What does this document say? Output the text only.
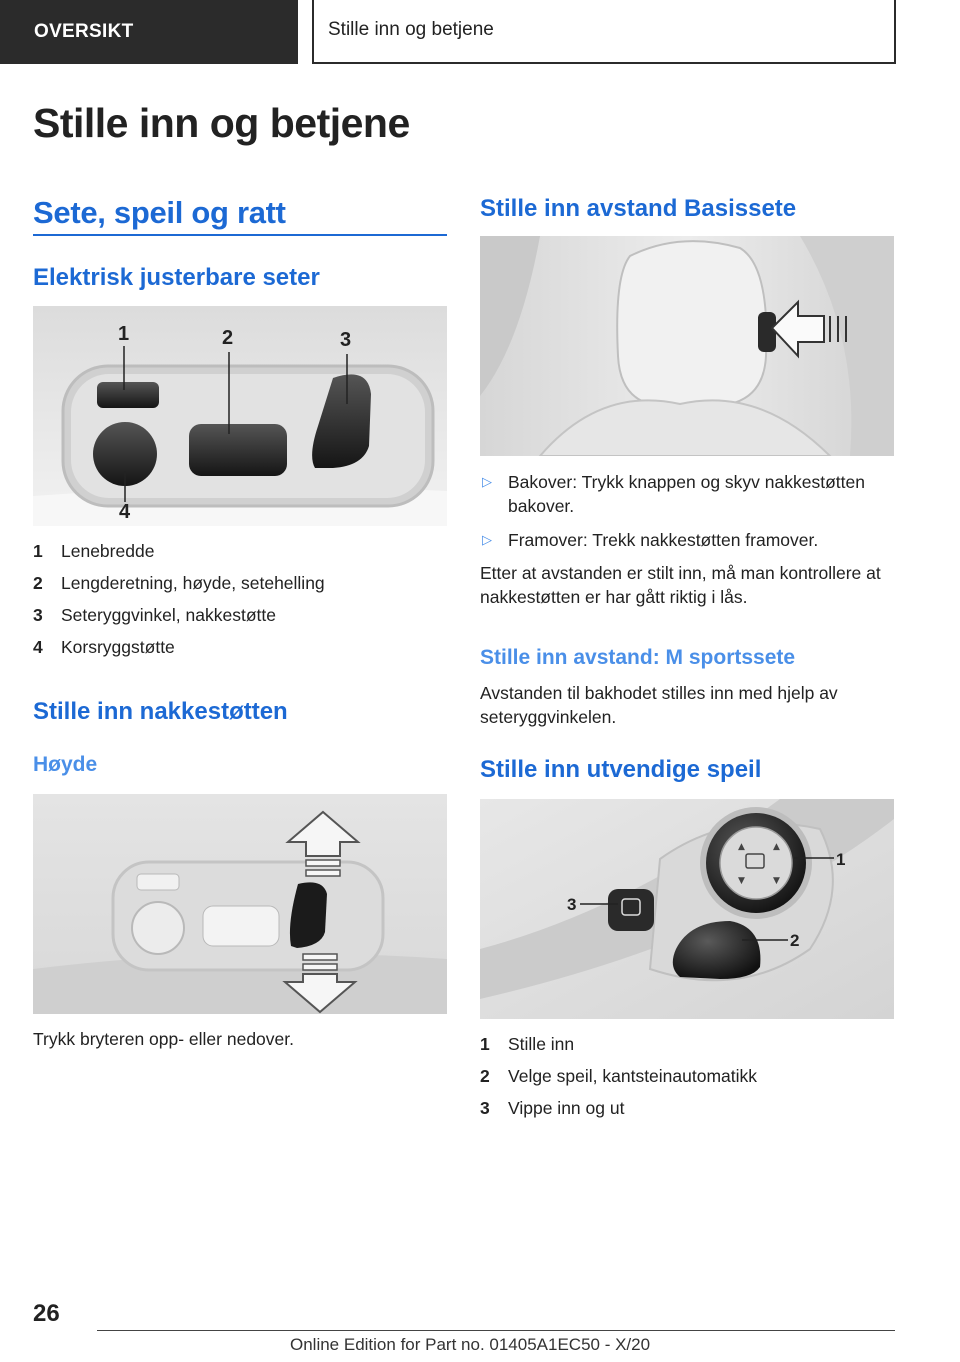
OVERSIKT	Stille inn og betjene
Stille inn og betjene
Sete, speil og ratt
Elektrisk justerbare seter
1	2	3
4
1 Lenebredde
2 Lengderetning, høyde, setehelling
3 Seteryggvinkel, nakkestøtte
4 Korsryggstøtte
Stille inn nakkestøtten
Høyde
Trykk bryteren opp- eller nedover.
Stille inn avstand Basissete
▷ Bakover: Trykk knappen og skyv nakkestøtten bakover.
▷ Framover: Trekk nakkestøtten framover.
Etter at avstanden er stilt inn, må man kontrollere at nakkestøtten er har gått riktig i lås.
Stille inn avstand: M sportssete
Avstanden til bakhodet stilles inn med hjelp av seteryggvinkelen.
Stille inn utvendige speil
▲	▲
▼	▼
1
2
3
1 Stille inn
2 Velge speil, kantsteinautomatikk
3 Vippe inn og ut
26
Online Edition for Part no. 01405A1EC50 - X/20
